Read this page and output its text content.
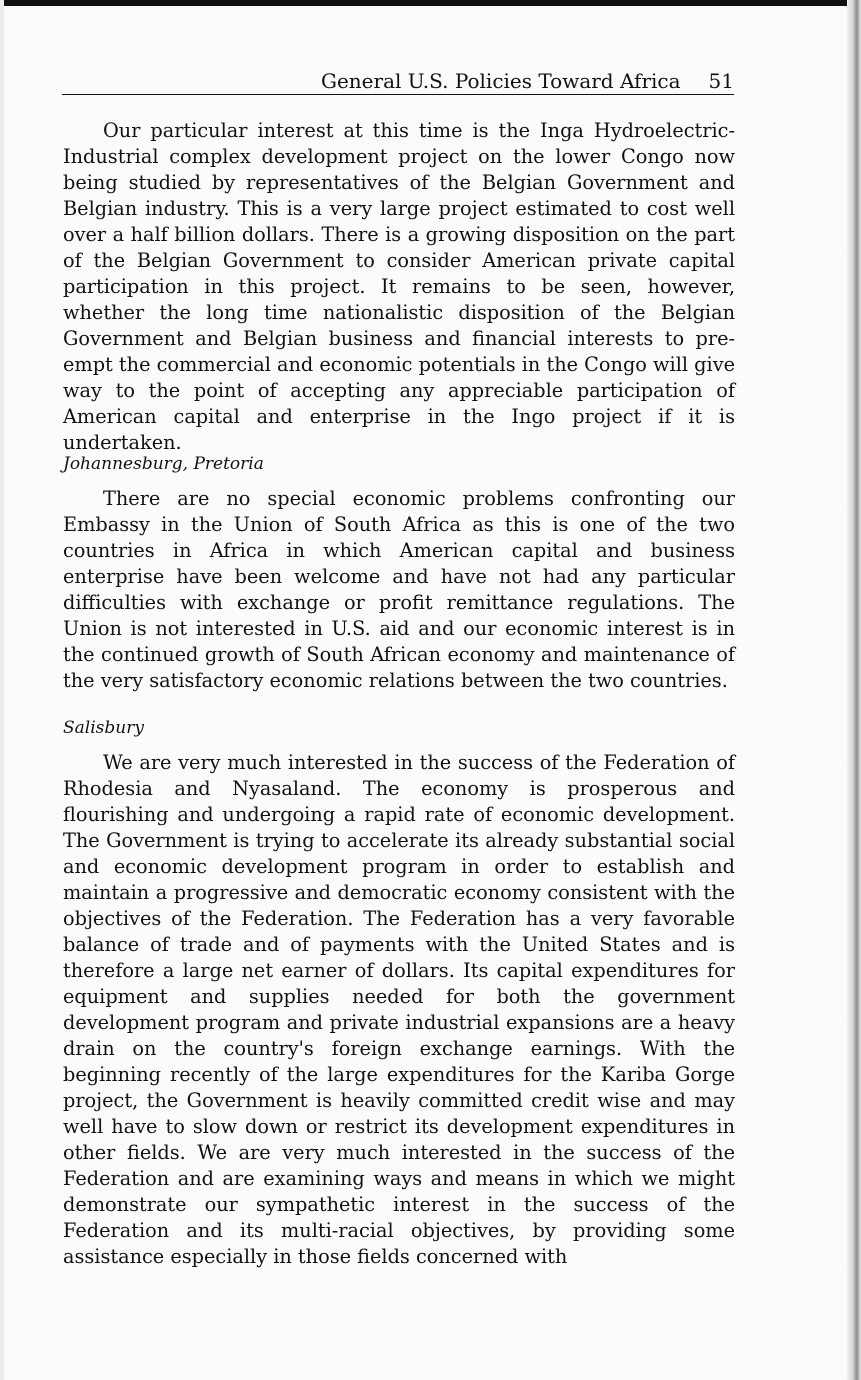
General U.S. Policies Toward Africa 51

Our particular interest at this time is the Inga Hydroelectric-Industrial complex development project on the lower Congo now being studied by representatives of the Belgian Government and Belgian industry. This is a very large project estimated to cost well over a half billion dollars. There is a growing disposition on the part of the Belgian Government to consider American private capital participation in this project. It remains to be seen, however, whether the long time nationalistic disposition of the Belgian Government and Belgian business and financial interests to pre-empt the commercial and economic potentials in the Congo will give way to the point of accepting any appreciable participation of American capital and enterprise in the Ingo project if it is undertaken.

Johannesburg, Pretoria

There are no special economic problems confronting our Embassy in the Union of South Africa as this is one of the two countries in Africa in which American capital and business enterprise have been welcome and have not had any particular difficulties with exchange or profit remittance regulations. The Union is not interested in U.S. aid and our economic interest is in the continued growth of South African economy and maintenance of the very satisfactory economic relations between the two countries.

Salisbury

We are very much interested in the success of the Federation of Rhodesia and Nyasaland. The economy is prosperous and flourishing and undergoing a rapid rate of economic development. The Government is trying to accelerate its already substantial social and economic development program in order to establish and maintain a progressive and democratic economy consistent with the objectives of the Federation. The Federation has a very favorable balance of trade and of payments with the United States and is therefore a large net earner of dollars. Its capital expenditures for equipment and supplies needed for both the government development program and private industrial expansions are a heavy drain on the country's foreign exchange earnings. With the beginning recently of the large expenditures for the Kariba Gorge project, the Government is heavily committed credit wise and may well have to slow down or restrict its development expenditures in other fields. We are very much interested in the success of the Federation and are examining ways and means in which we might demonstrate our sympathetic interest in the success of the Federation and its multi-racial objectives, by providing some assistance especially in those fields concerned with
